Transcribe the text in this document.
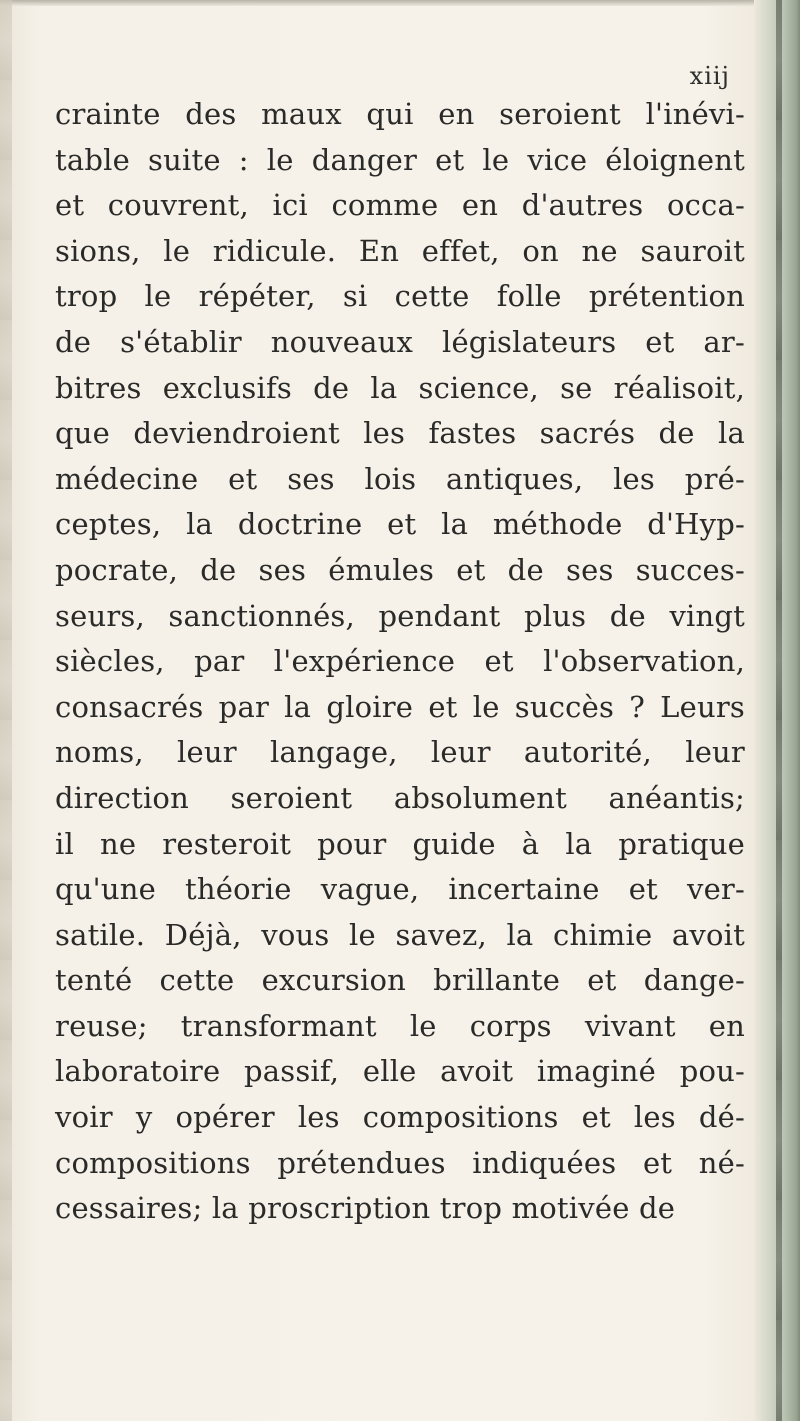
xiij
crainte des maux qui en seroient l'inévi-
table suite : le danger et le vice éloignent
et couvrent, ici comme en d'autres occa-
sions, le ridicule. En effet, on ne sauroit
trop le répéter, si cette folle prétention
de s'établir nouveaux législateurs et ar-
bitres exclusifs de la science, se réalisoit,
que deviendroient les fastes sacrés de la
médecine et ses lois antiques, les pré-
ceptes, la doctrine et la méthode d'Hyp-
pocrate, de ses émules et de ses succes-
seurs, sanctionnés, pendant plus de vingt
siècles, par l'expérience et l'observation,
consacrés par la gloire et le succès ? Leurs
noms, leur langage, leur autorité, leur
direction seroient absolument anéantis;
il ne resteroit pour guide à la pratique
qu'une théorie vague, incertaine et ver-
satile. Déjà, vous le savez, la chimie avoit
tenté cette excursion brillante et dange-
reuse; transformant le corps vivant en
laboratoire passif, elle avoit imaginé pou-
voir y opérer les compositions et les dé-
compositions prétendues indiquées et né-
cessaires; la proscription trop motivée de
